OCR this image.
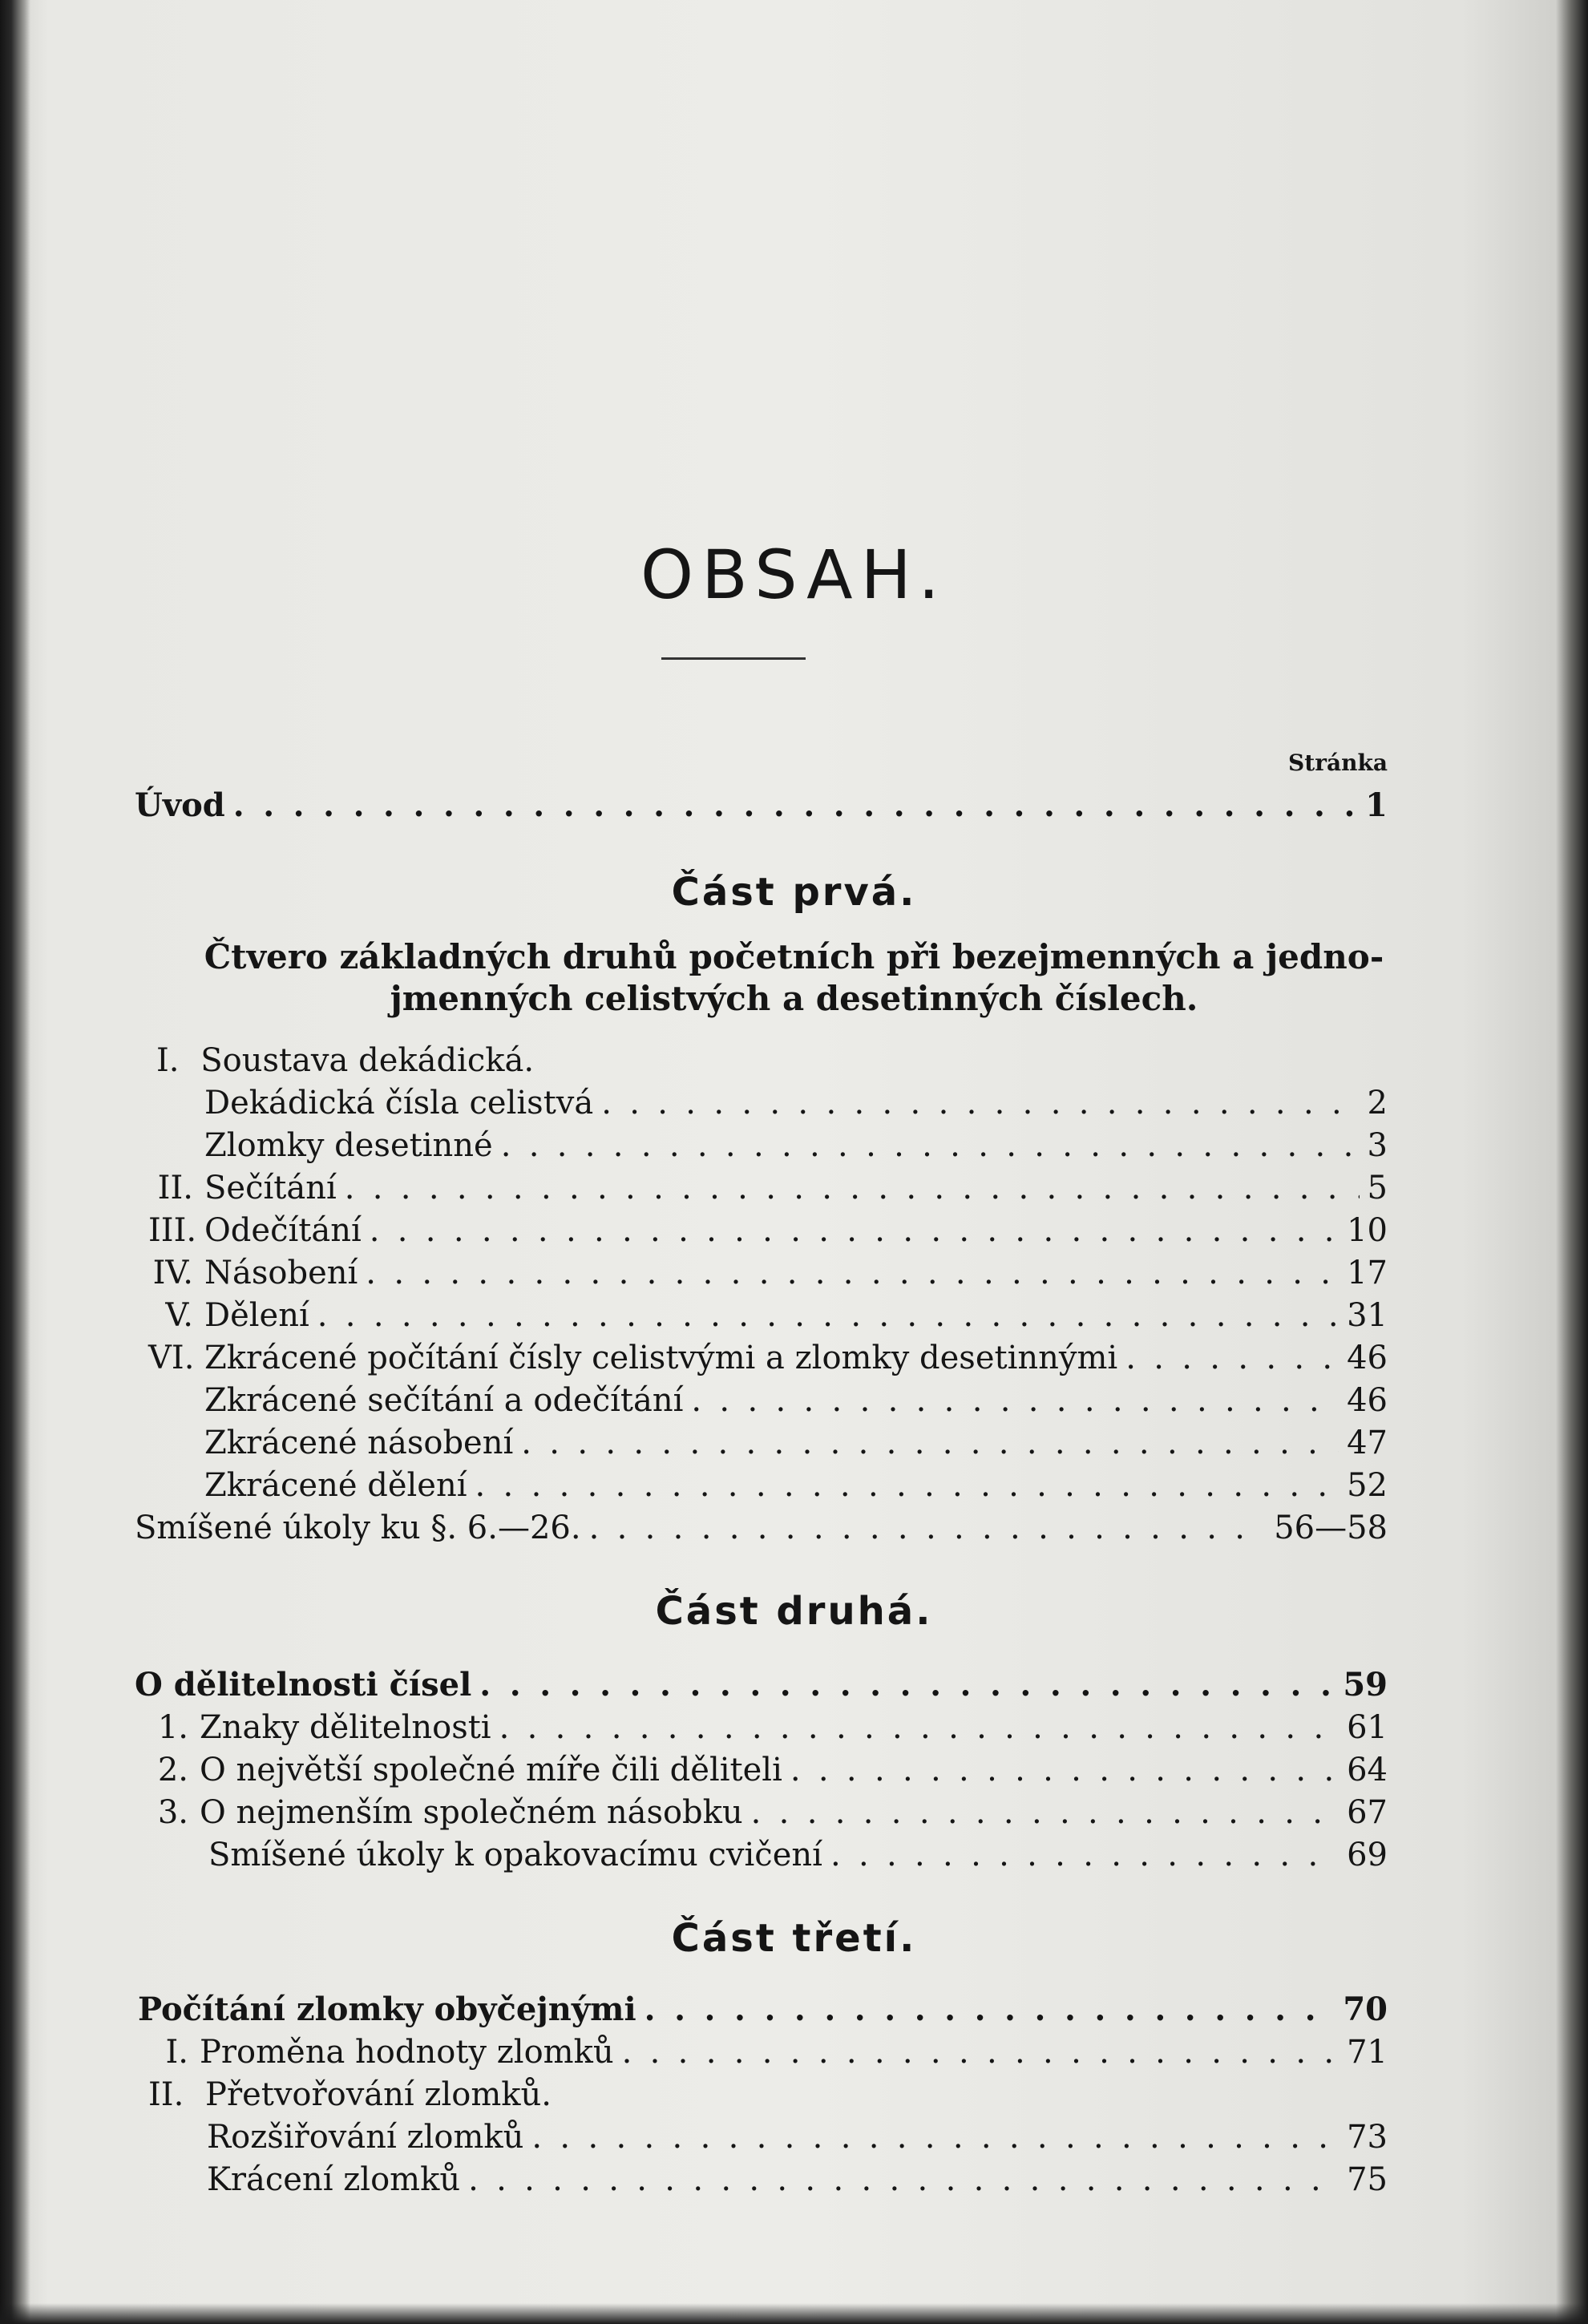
OBSAH.
Stránka
Úvod . . .	1
Část prvá.
Čtvero základných druhů početních při bezejmenných a jedno-
jmenných celistvých a desetinných číslech.
I. Soustava dekádická.
Dekádická čísla celistvá . . .	2
Zlomky desetinné . . .	3
II. Sečítání . . .	5
III. Odečítání . . .	10
IV. Násobení . . .	17
V. Dělení . . .	31
VI. Zkrácené počítání čísly celistvými a zlomky desetinnými . . .	46
Zkrácené sečítání a odečítání . . .	46
Zkrácené násobení . . .	47
Zkrácené dělení . . .	52
Smíšené úkoly ku §. 6.—26. . . .	56—58
Část druhá.
O dělitelnosti čísel . . .	59
1. Znaky dělitelnosti . . .	61
2. O největší společné míře čili děliteli . . .	64
3. O nejmenším společném násobku . . .	67
Smíšené úkoly k opakovacímu cvičení . . .	69
Část třetí.
Počítání zlomky obyčejnými . . .	70
I. Proměna hodnoty zlomků . . .	71
II. Přetvořování zlomků.
Rozšiřování zlomků . . .	73
Krácení zlomků . . .	75
